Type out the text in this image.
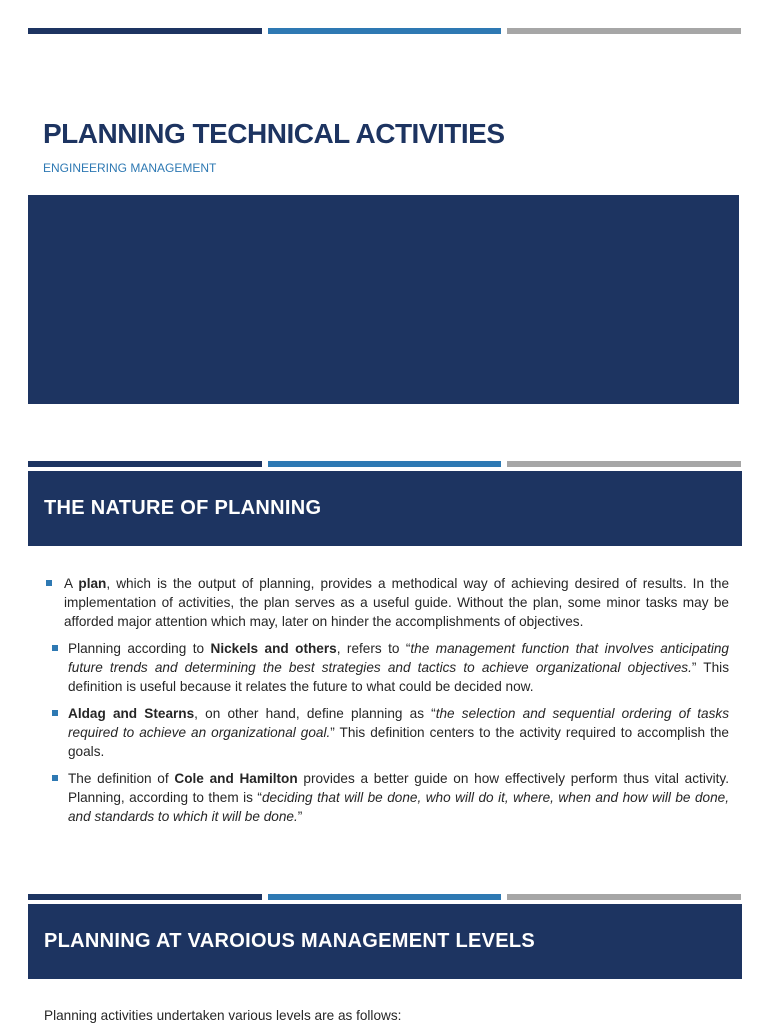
PLANNING TECHNICAL ACTIVITIES

ENGINEERING MANAGEMENT

THE NATURE OF PLANNING
A plan, which is the output of planning, provides a methodical way of achieving desired of results. In the implementation of activities, the plan serves as a useful guide. Without the plan, some minor tasks may be afforded major attention which may, later on hinder the accomplishments of objectives.
Planning according to Nickels and others, refers to “the management function that involves anticipating future trends and determining the best strategies and tactics to achieve organizational objectives.” This definition is useful because it relates the future to what could be decided now.
Aldag and Stearns, on other hand, define planning as “the selection and sequential ordering of tasks required to achieve an organizational goal.” This definition centers to the activity required to accomplish the goals.
The definition of Cole and Hamilton provides a better guide on how effectively perform thus vital activity. Planning, according to them is “deciding that will be done, who will do it, where, when and how will be done, and standards to which it will be done.”
PLANNING AT VAROIOUS MANAGEMENT LEVELS

Planning activities undertaken various levels are as follows:
